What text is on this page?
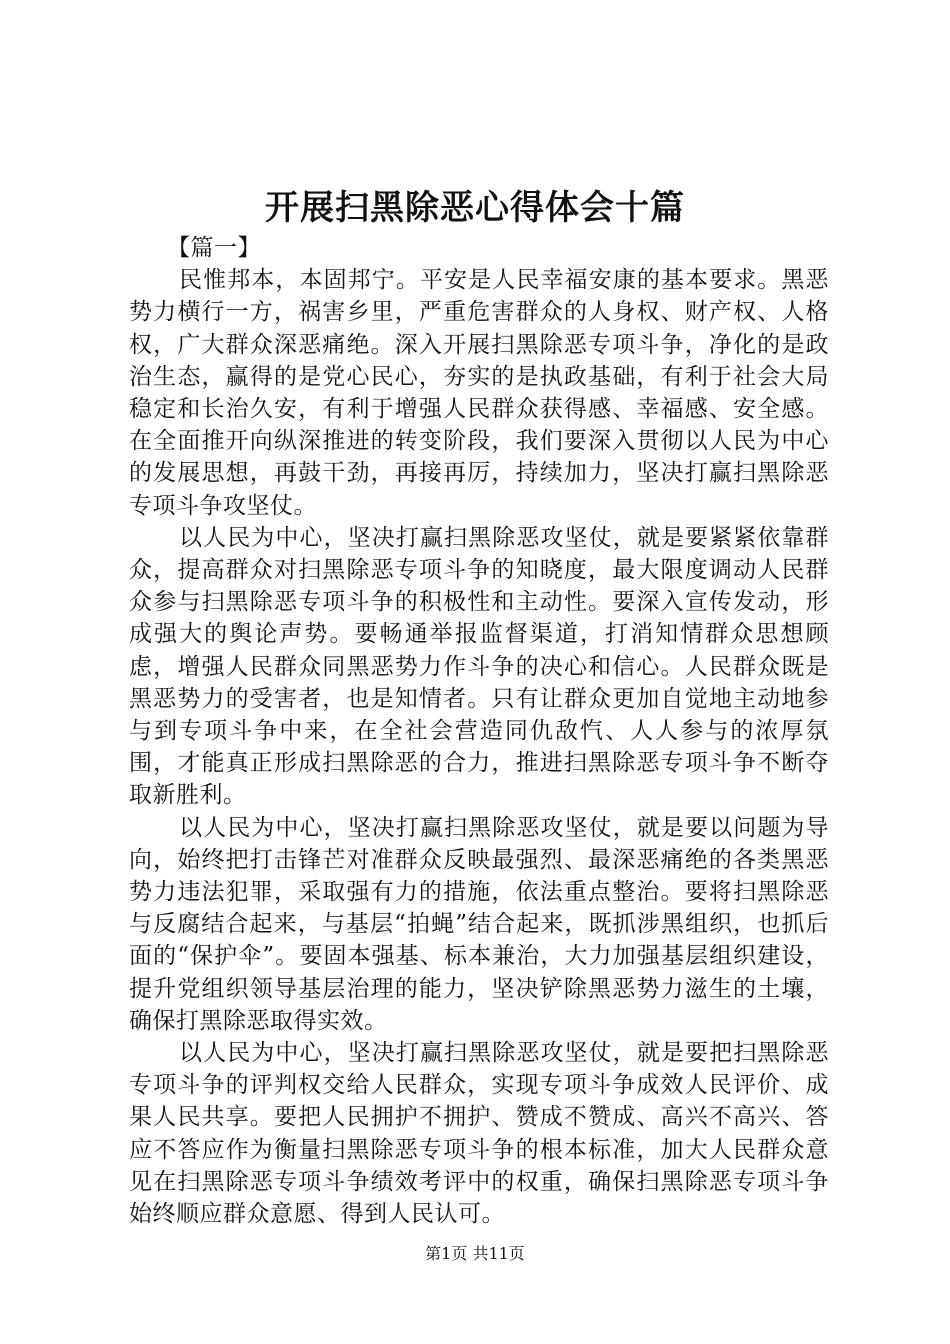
开展扫黑除恶心得体会十篇

【篇一】

民惟邦本，本固邦宁。平安是人民幸福安康的基本要求。黑恶势力横行一方，祸害乡里，严重危害群众的人身权、财产权、人格权，广大群众深恶痛绝。深入开展扫黑除恶专项斗争，净化的是政治生态，赢得的是党心民心，夯实的是执政基础，有利于社会大局稳定和长治久安，有利于增强人民群众获得感、幸福感、安全感。在全面推开向纵深推进的转变阶段，我们要深入贯彻以人民为中心的发展思想，再鼓干劲，再接再厉，持续加力，坚决打赢扫黑除恶专项斗争攻坚仗。

以人民为中心，坚决打赢扫黑除恶攻坚仗，就是要紧紧依靠群众，提高群众对扫黑除恶专项斗争的知晓度，最大限度调动人民群众参与扫黑除恶专项斗争的积极性和主动性。要深入宣传发动，形成强大的舆论声势。要畅通举报监督渠道，打消知情群众思想顾虑，增强人民群众同黑恶势力作斗争的决心和信心。人民群众既是黑恶势力的受害者，也是知情者。只有让群众更加自觉地主动地参与到专项斗争中来，在全社会营造同仇敌忾、人人参与的浓厚氛围，才能真正形成扫黑除恶的合力，推进扫黑除恶专项斗争不断夺取新胜利。

以人民为中心，坚决打赢扫黑除恶攻坚仗，就是要以问题为导向，始终把打击锋芒对准群众反映最强烈、最深恶痛绝的各类黑恶势力违法犯罪，采取强有力的措施，依法重点整治。要将扫黑除恶与反腐结合起来，与基层“拍蝇”结合起来，既抓涉黑组织，也抓后面的“保护伞”。要固本强基、标本兼治，大力加强基层组织建设，提升党组织领导基层治理的能力，坚决铲除黑恶势力滋生的土壤，确保打黑除恶取得实效。

以人民为中心，坚决打赢扫黑除恶攻坚仗，就是要把扫黑除恶专项斗争的评判权交给人民群众，实现专项斗争成效人民评价、成果人民共享。要把人民拥护不拥护、赞成不赞成、高兴不高兴、答应不答应作为衡量扫黑除恶专项斗争的根本标准，加大人民群众意见在扫黑除恶专项斗争绩效考评中的权重，确保扫黑除恶专项斗争始终顺应群众意愿、得到人民认可。

第1页 共11页
